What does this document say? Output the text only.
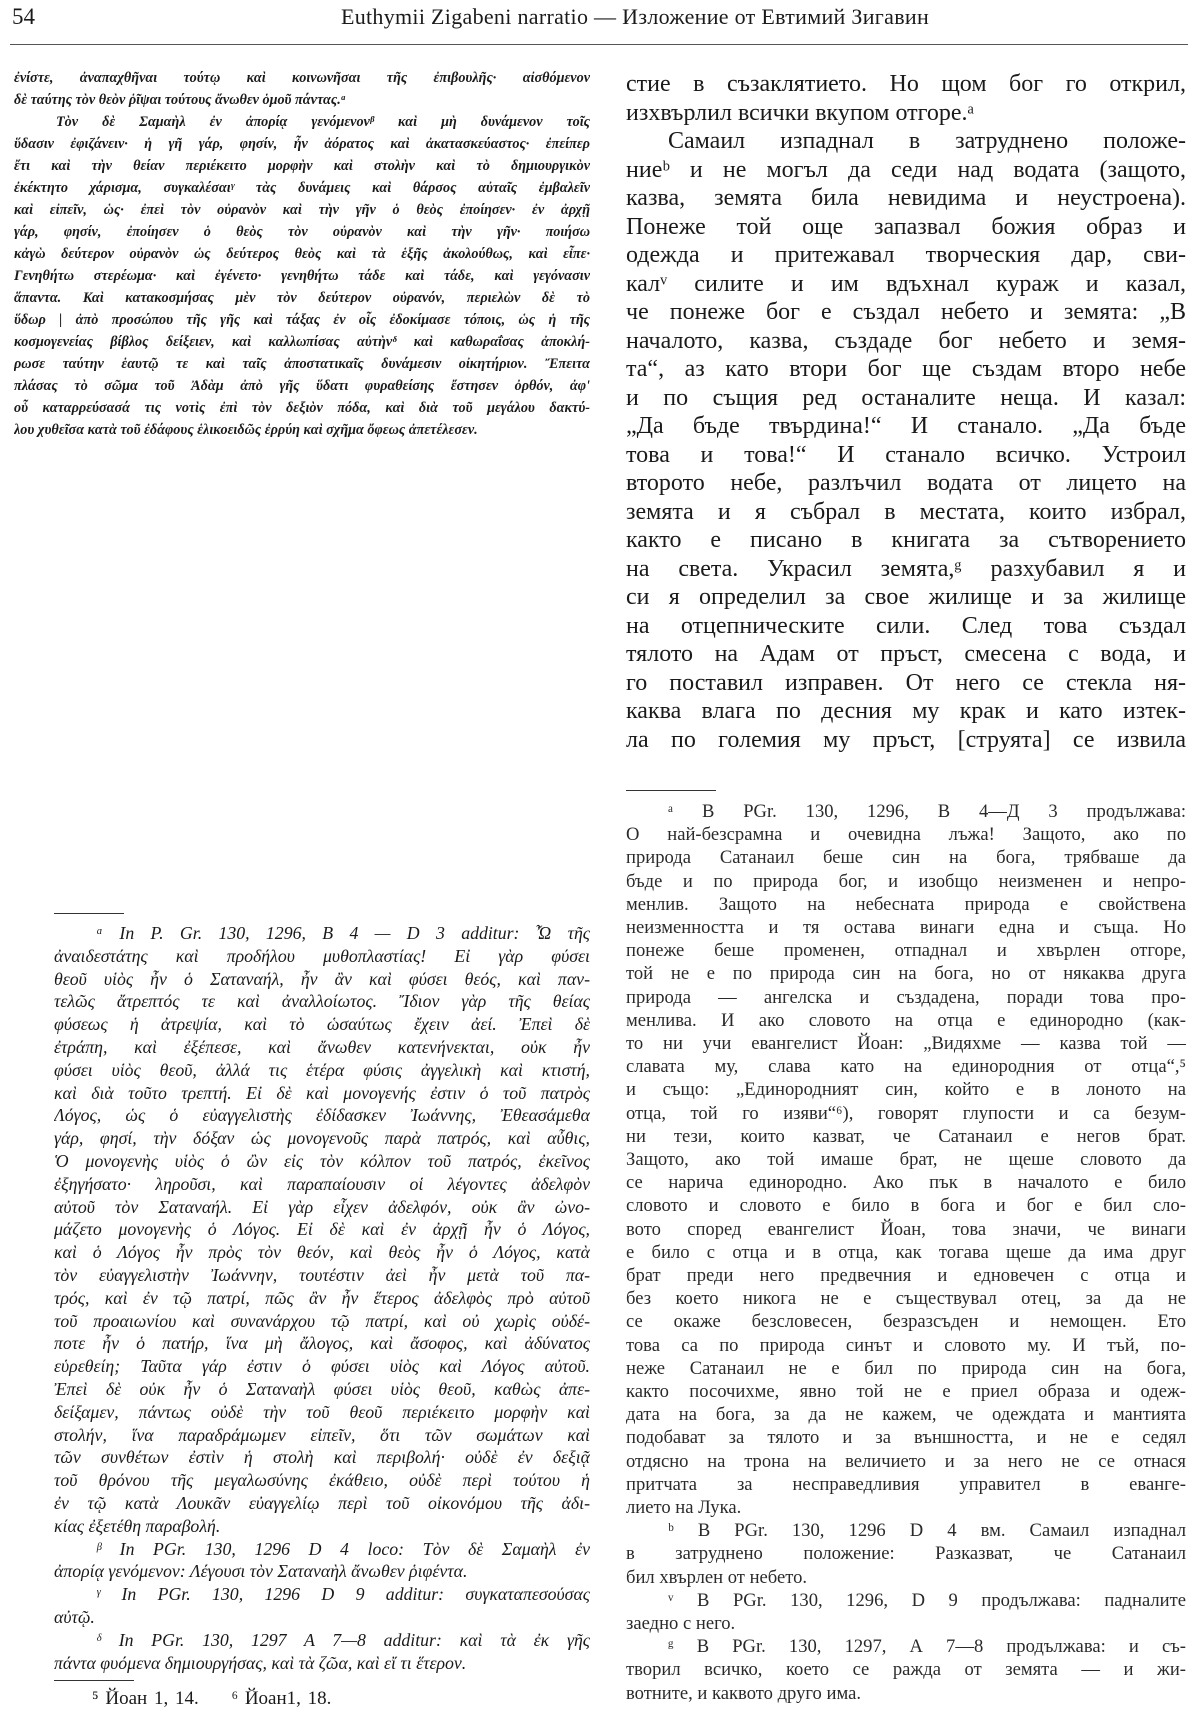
54	Euthymii Zigabeni narratio — Изложение от Евтимий Зигавин
ἐνίστε, ἀναπαχθῆναι τούτῳ καὶ κοινωνῆσαι τῆς ἐπιβουλῆς· αἰσθόμενον
δὲ ταύτης τὸν θεὸν ῥῖψαι τούτους ἄνωθεν ὁμοῦ πάντας.ᵅ
Τὸν δὲ Σαμαὴλ ἐν ἀπορίᾳ γενόμενονᵝ καὶ μὴ δυνάμενον τοῖς
ὕδασιν ἐφιζάνειν· ἡ γῆ γάρ, φησίν, ἦν ἀόρατος καὶ ἀκατασκεύαστος· ἐπείπερ
ἔτι καὶ τὴν θείαν περιέκειτο μορφὴν καὶ στολὴν καὶ τὸ δημιουργικὸν
ἐκέκτητο χάρισμα, συγκαλέσαιᵞ τὰς δυνάμεις καὶ θάρσος αὐταῖς ἐμβαλεῖν
καὶ εἰπεῖν, ὡς· ἐπεὶ τὸν οὐρανὸν καὶ τὴν γῆν ὁ θεὸς ἐποίησεν· ἐν ἀρχῇ
γάρ, φησίν, ἐποίησεν ὁ θεὸς τὸν οὐρανὸν καὶ τὴν γῆν· ποιήσω
κἀγὼ δεύτερον οὐρανὸν ὡς δεύτερος θεὸς καὶ τὰ ἑξῆς ἀκολούθως, καὶ εἶπε·
Γενηθήτω στερέωμα· καὶ ἐγένετο· γενηθήτω τάδε καὶ τάδε, καὶ γεγόνασιν
ἅπαντα. Καὶ κατακοσμήσας μὲν τὸν δεύτερον οὐρανόν, περιελὼν δὲ τὸ
ὕδωρ | ἀπὸ προσώπου τῆς γῆς καὶ τάξας ἐν οἷς ἐδοκίμασε τόποις, ὡς ἡ τῆς
κοσμογενείας βίβλος δείξειεν, καὶ καλλωπίσας αὐτὴνᵟ καὶ καθωραΐσας ἀποκλή-
ρωσε ταύτην ἑαυτῷ τε καὶ ταῖς ἀποστατικαῖς δυνάμεσιν οἰκητήριον. Ἔπειτα
πλάσας τὸ σῶμα τοῦ Ἀδὰμ ἀπὸ γῆς ὕδατι φυραθείσης ἔστησεν ὀρθόν, ἀφ'
οὗ καταρρεύσασά τις νοτὶς ἐπὶ τὸν δεξιὸν πόδα, καὶ διὰ τοῦ μεγάλου δακτύ-
λου χυθεῖσα κατὰ τοῦ ἐδάφους ἑλικοειδῶς ἐρρύη καὶ σχῆμα ὄφεως ἀπετέλεσεν.
стие в съзаклятието. Но щом бог го открил,
изхвърлил всички вкупом отгоре.ᵃ
Самаил изпаднал в затруднено положе-
ниеᵇ и не могъл да седи над водата (защото,
казва, земята била невидима и неустроена).
Понеже той още запазвал божия образ и
одежда и притежавал творческия дар, сви-
калᵛ силите и им вдъхнал кураж и казал,
че понеже бог е създал небето и земята: „В
началото, казва, създаде бог небето и земя-
та“, аз като втори бог ще създам второ небе
и по същия ред останалите неща. И казал:
„Да бъде твърдина!“ И станало. „Да бъде
това и това!“ И станало всичко. Устроил
второто небе, разлъчил водата от лицето на
земята и я събрал в местата, които избрал,
както е писано в книгата за сътворението
на света. Украсил земята,ᵍ разхубавил я и
си я определил за свое жилище и за жилище
на отцепническите сили. След това създал
тялото на Адам от пръст, смесена с вода, и
го поставил изправен. От него се стекла ня-
каква влага по десния му крак и като изтек-
ла по големия му пръст, [струята] се извила
ᵃ В PGr. 130, 1296, В 4—Д 3 продължава:
О най-безсрамна и очевидна лъжа! Защото, ако по
природа Сатанаил беше син на бога, трябваше да
бъде и по природа бог, и изобщо неизменен и непро-
менлив. Защото на небесната природа е свойствена
неизменността и тя остава винаги една и съща. Но
понеже беше променен, отпаднал и хвърлен отгоре,
той не е по природа син на бога, но от някаква друга
природа — ангелска и създадена, поради това про-
менлива. И ако словото на отца е единородно (как-
то ни учи евангелист Йоан: „Видяхме — казва той —
славата му, слава като на единородния от отца“,⁵
и също: „Единородният син, който е в лоното на
отца, той го изяви“⁶), говорят глупости и са безум-
ни тези, които казват, че Сатанаил е негов брат.
Защото, ако той имаше брат, не щеше словото да
се нарича единородно. Ако пък в началото е било
словото и словото е било в бога и бог е бил сло-
вото според евангелист Йоан, това значи, че винаги
е било с отца и в отца, как тогава щеше да има друг
брат преди него предвечния и едновечен с отца и
без което никога не е съществувал отец, за да не
се окаже безсловесен, безразсъден и немощен. Ето
това са по природа синът и словото му. И тъй, по-
неже Сатанаил не е бил по природа син на бога,
както посочихме, явно той не е приел образа и одеж-
дата на бога, за да не кажем, че одеждата и мантията
подобават за тялото и за външността, и не е седял
отдясно на трона на величието и за него не се отнася
притчата за несправедливия управител в еванге-
лието на Лука.
ᵇ В PGr. 130, 1296 D 4 вм. Самаил изпаднал
в затруднено положение: Разказват, че Сатанаил
бил хвърлен от небето.
ᵛ В PGr. 130, 1296, D 9 продължава: падналите
заедно с него.
ᵍ В PGr. 130, 1297, А 7—8 продължава: и съ-
творил всичко, което се ражда от земята — и жи-
вотните, и каквото друго има.
ᵅ In P. Gr. 130, 1296, B 4 — D 3 additur: Ὦ τῆς
ἀναιδεστάτης καὶ προδήλου μυθοπλαστίας! Εἰ γὰρ φύσει
θεοῦ υἱὸς ἦν ὁ Σαταναήλ, ἦν ἂν καὶ φύσει θεός, καὶ παν-
τελῶς ἄτρεπτός τε καὶ ἀναλλοίωτος. Ἴδιον γὰρ τῆς θείας
φύσεως ἡ ἀτρεψία, καὶ τὸ ὡσαύτως ἔχειν ἀεί. Ἐπεὶ δὲ
ἐτράπη, καὶ ἐξέπεσε, καὶ ἄνωθεν κατενήνεκται, οὐκ ἦν
φύσει υἱὸς θεοῦ, ἀλλά τις ἑτέρα φύσις ἀγγελικὴ καὶ κτιστή,
καὶ διὰ τοῦτο τρεπτή. Εἰ δὲ καὶ μονογενής ἐστιν ὁ τοῦ πατρὸς
Λόγος, ὡς ὁ εὐαγγελιστὴς ἐδίδασκεν Ἰωάννης, Ἐθεασάμεθα
γάρ, φησί, τὴν δόξαν ὡς μονογενοῦς παρὰ πατρός, καὶ αὖθις,
Ὁ μονογενὴς υἱὸς ὁ ὢν εἰς τὸν κόλπον τοῦ πατρός, ἐκεῖνος
ἐξηγήσατο· ληροῦσι, καὶ παραπαίουσιν οἱ λέγοντες ἀδελφὸν
αὐτοῦ τὸν Σαταναήλ. Εἰ γὰρ εἶχεν ἀδελφόν, οὐκ ἂν ὠνο-
μάζετο μονογενὴς ὁ Λόγος. Εἰ δὲ καὶ ἐν ἀρχῇ ἦν ὁ Λόγος,
καὶ ὁ Λόγος ἦν πρὸς τὸν θεόν, καὶ θεὸς ἦν ὁ Λόγος, κατὰ
τὸν εὐαγγελιστὴν Ἰωάννην, τουτέστιν ἀεὶ ἦν μετὰ τοῦ πα-
τρός, καὶ ἐν τῷ πατρί, πῶς ἂν ἦν ἕτερος ἀδελφὸς πρὸ αὐτοῦ
τοῦ προαιωνίου καὶ συνανάρχου τῷ πατρί, καὶ οὐ χωρὶς οὐδέ-
ποτε ἦν ὁ πατήρ, ἵνα μὴ ἄλογος, καὶ ἄσοφος, καὶ ἀδύνατος
εὑρεθείη; Ταῦτα γάρ ἐστιν ὁ φύσει υἱὸς καὶ Λόγος αὐτοῦ.
Ἐπεὶ δὲ οὐκ ἦν ὁ Σαταναὴλ φύσει υἱὸς θεοῦ, καθὼς ἀπε-
δείξαμεν, πάντως οὐδὲ τὴν τοῦ θεοῦ περιέκειτο μορφὴν καὶ
στολήν, ἵνα παραδράμωμεν εἰπεῖν, ὅτι τῶν σωμάτων καὶ
τῶν συνθέτων ἐστὶν ἡ στολὴ καὶ περιβολή· οὐδὲ ἐν δεξιᾷ
τοῦ θρόνου τῆς μεγαλωσύνης ἐκάθειο, οὐδὲ περὶ τούτου ἡ
ἐν τῷ κατὰ Λουκᾶν εὐαγγελίῳ περὶ τοῦ οἰκονόμου τῆς ἀδι-
κίας ἐξετέθη παραβολή.
ᵝ In PGr. 130, 1296 D 4 loco: Τὸν δὲ Σαμαὴλ ἐν
ἀπορίᾳ γενόμενον: Λέγουσι τὸν Σαταναὴλ ἄνωθεν ῥιφέντα.
ᵞ In PGr. 130, 1296 D 9 additur: συγκαταπεσούσας
αὐτῷ.
ᵟ In PGr. 130, 1297 A 7—8 additur: καὶ τὰ ἐκ γῆς
πάντα φυόμενα δημιουργήσας, καὶ τὰ ζῶα, καὶ εἴ τι ἕτερον.
⁵ Йоан 1, 14. ⁶ Йоан1, 18.
